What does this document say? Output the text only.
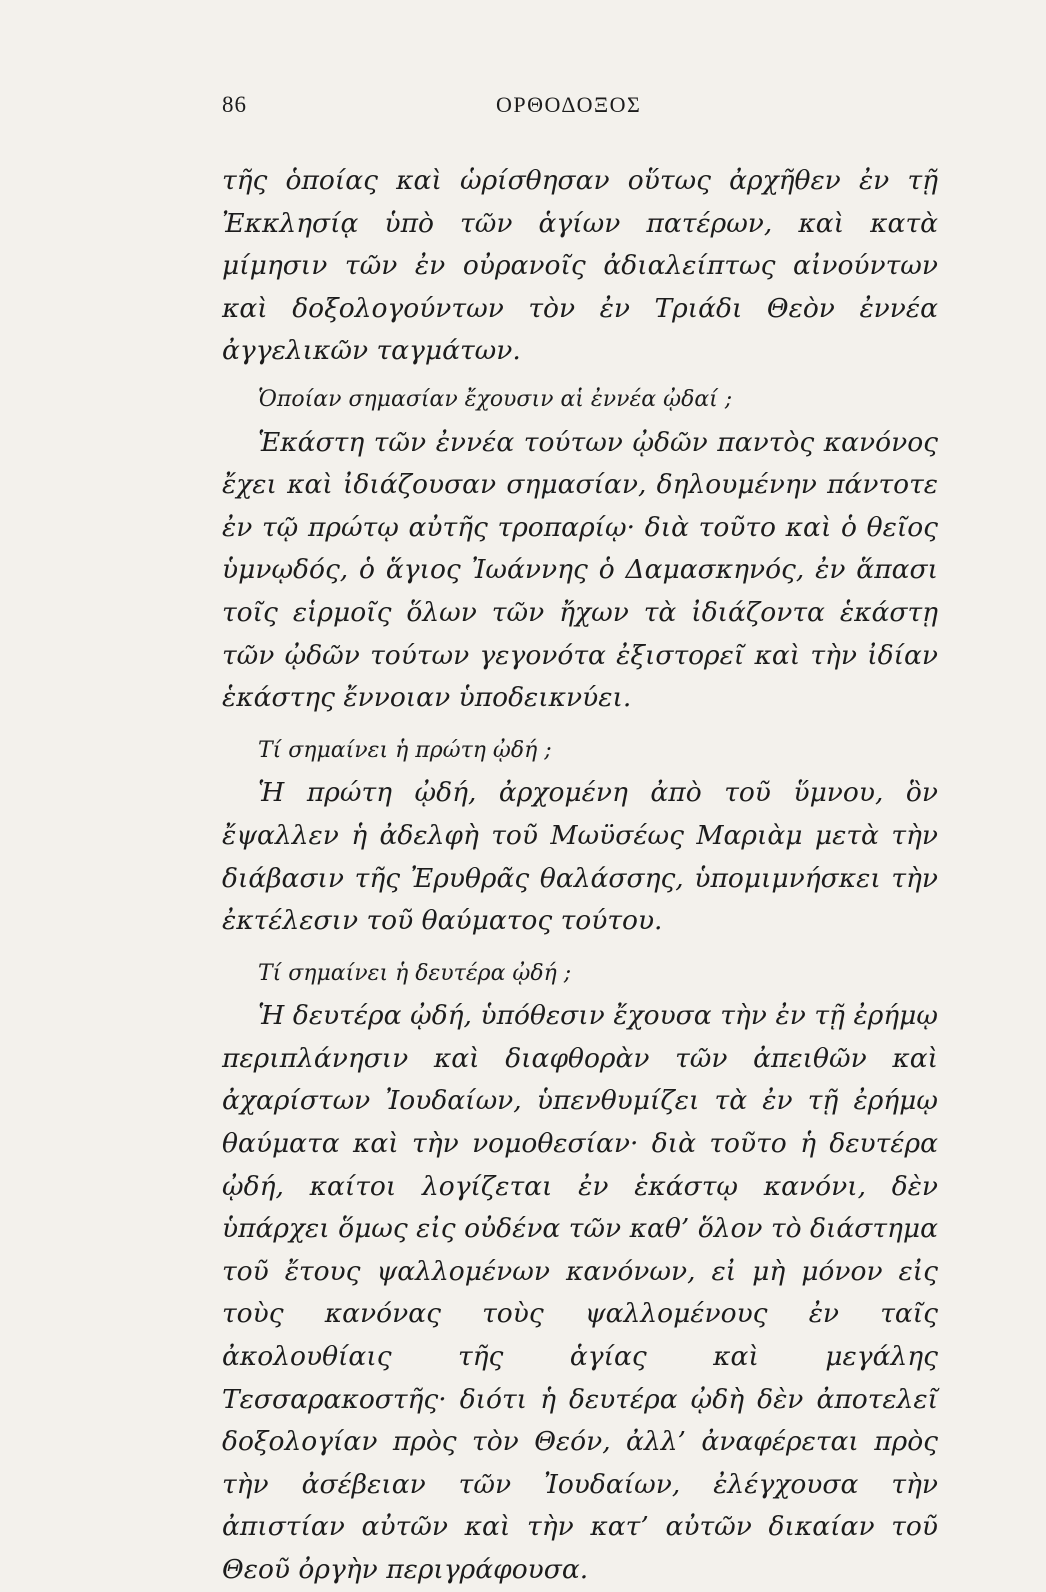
86	ΟΡΘΟΔΟΞΟΣ

τῆς ὁποίας καὶ ὡρίσθησαν οὕτως ἀρχῆθεν ἐν τῇ Ἐκκλησίᾳ ὑπὸ τῶν ἁγίων πατέρων, καὶ κατὰ μίμησιν τῶν ἐν οὐρανοῖς ἀδιαλείπτως αἰνούντων καὶ δοξολογούντων τὸν ἐν Τριάδι Θεὸν ἐννέα ἀγγελικῶν ταγμάτων.

Ὁποίαν σημασίαν ἔχουσιν αἱ ἐννέα ᾠδαί ;

Ἑκάστη τῶν ἐννέα τούτων ᾠδῶν παντὸς κανόνος ἔχει καὶ ἰδιάζουσαν σημασίαν, δηλουμένην πάντοτε ἐν τῷ πρώτῳ αὐτῆς τροπαρίῳ· διὰ τοῦτο καὶ ὁ θεῖος ὑμνῳδός, ὁ ἅγιος Ἰωάννης ὁ Δαμασκηνός, ἐν ἅπασι τοῖς εἱρμοῖς ὅλων τῶν ἤχων τὰ ἰδιάζοντα ἑκάστῃ τῶν ᾠδῶν τούτων γεγονότα ἐξιστορεῖ καὶ τὴν ἰδίαν ἑκάστης ἔννοιαν ὑποδεικνύει.

Τί σημαίνει ἡ πρώτη ᾠδή ;

Ἡ πρώτη ᾠδή, ἀρχομένη ἀπὸ τοῦ ὕμνου, ὃν ἔψαλλεν ἡ ἀδελφὴ τοῦ Μωϋσέως Μαριὰμ μετὰ τὴν διάβασιν τῆς Ἐρυθρᾶς θαλάσσης, ὑπομιμνήσκει τὴν ἐκτέλεσιν τοῦ θαύματος τούτου.

Τί σημαίνει ἡ δευτέρα ᾠδή ;

Ἡ δευτέρα ᾠδή, ὑπόθεσιν ἔχουσα τὴν ἐν τῇ ἐρήμῳ περιπλάνησιν καὶ διαφθορὰν τῶν ἀπειθῶν καὶ ἀχαρίστων Ἰουδαίων, ὑπενθυμίζει τὰ ἐν τῇ ἐρήμῳ θαύματα καὶ τὴν νομοθεσίαν· διὰ τοῦτο ἡ δευτέρα ᾠδή, καίτοι λογίζεται ἐν ἑκάστῳ κανόνι, δὲν ὑπάρχει ὅμως εἰς οὐδένα τῶν καθ’ ὅλον τὸ διάστημα τοῦ ἔτους ψαλλομένων κανόνων, εἰ μὴ μόνον εἰς τοὺς κανόνας τοὺς ψαλλομένους ἐν ταῖς ἀκολουθίαις τῆς ἁγίας καὶ μεγάλης Τεσσαρακοστῆς· διότι ἡ δευτέρα ᾠδὴ δὲν ἀποτελεῖ δοξολογίαν πρὸς τὸν Θεόν, ἀλλ’ ἀναφέρεται πρὸς τὴν ἀσέβειαν τῶν Ἰουδαίων, ἐλέγχουσα τὴν ἀπιστίαν αὐτῶν καὶ τὴν κατ’ αὐτῶν δικαίαν τοῦ Θεοῦ ὀργὴν περιγράφουσα.
